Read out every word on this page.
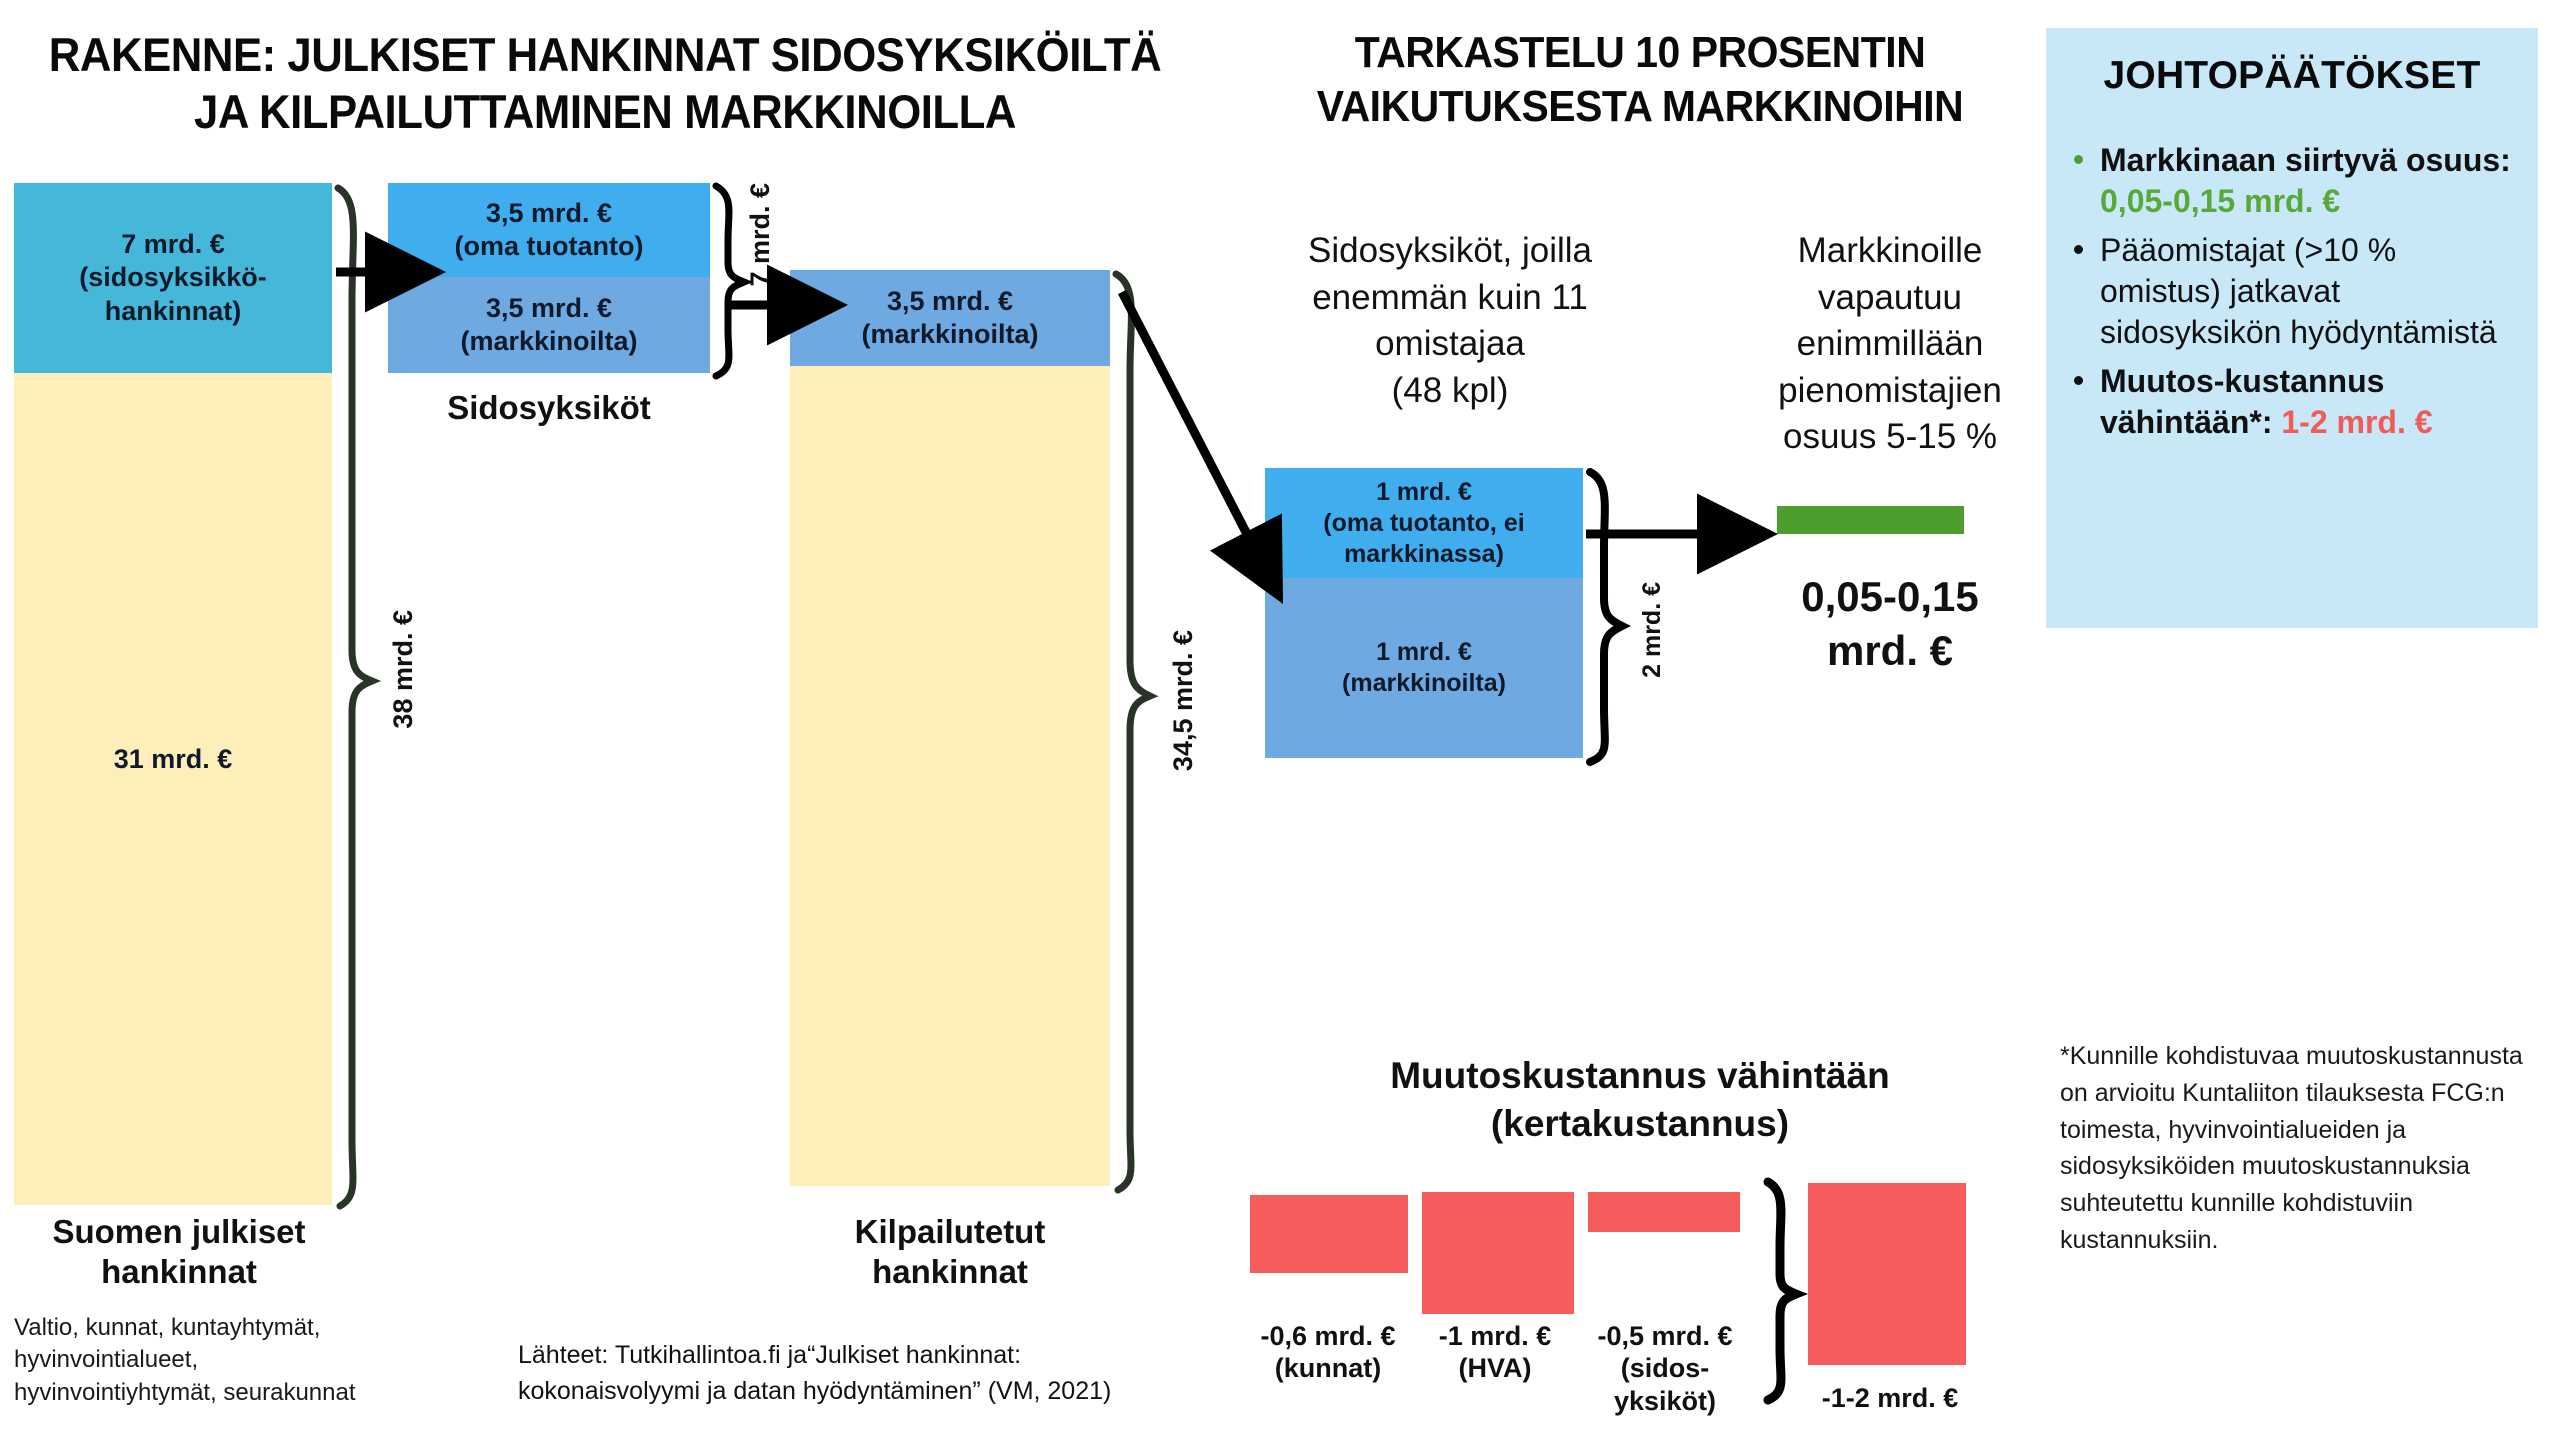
RAKENNE: JULKISET HANKINNAT SIDOSYKSIKÖILTÄ
JA KILPAILUTTAMINEN MARKKINOILLA
TARKASTELU 10 PROSENTIN
VAIKUTUKSESTA MARKKINOIHIN
7 mrd. €
(sidosyksikkö-
hankinnat)
31 mrd. €
38 mrd. €
Suomen julkiset
hankinnat
Valtio, kunnat, kuntayhtymät,
hyvinvointialueet,
hyvinvointiyhtymät, seurakunnat
3,5 mrd. €
(oma tuotanto)
3,5 mrd. €
(markkinoilta)
7 mrd. €
Sidosyksiköt
3,5 mrd. €
(markkinoilta)
34,5 mrd. €
Kilpailutetut
hankinnat
Sidosyksiköt, joilla
enemmän kuin 11
omistajaa
(48 kpl)
1 mrd. €
(oma tuotanto, ei
markkinassa)
1 mrd. €
(markkinoilta)
2 mrd. €
Markkinoille
vapautuu
enimmillään
pienomistajien
osuus 5-15 %
0,05-0,15
mrd. €
JOHTOPÄÄTÖKSET
Markkinaan siirtyvä osuus: 0,05-0,15 mrd. €
Pääomistajat (>10 % omistus) jatkavat sidosyksikön hyödyntämistä
Muutos-kustannus vähintään*: 1-2 mrd. €
*Kunnille kohdistuvaa muutoskustannusta on arvioitu Kuntaliiton tilauksesta FCG:n toimesta, hyvinvointialueiden ja sidosyksiköiden muutoskustannuksia suhteutettu kunnille kohdistuviin kustannuksiin.
Lähteet: Tutkihallintoa.fi ja“Julkiset hankinnat:
kokonaisvolyymi ja datan hyödyntäminen” (VM, 2021)
Muutoskustannus vähintään
(kertakustannus)
-0,6 mrd. €
(kunnat)
-1 mrd. €
(HVA)
-0,5 mrd. €
(sidos-
yksiköt)	-1-2 mrd. €
